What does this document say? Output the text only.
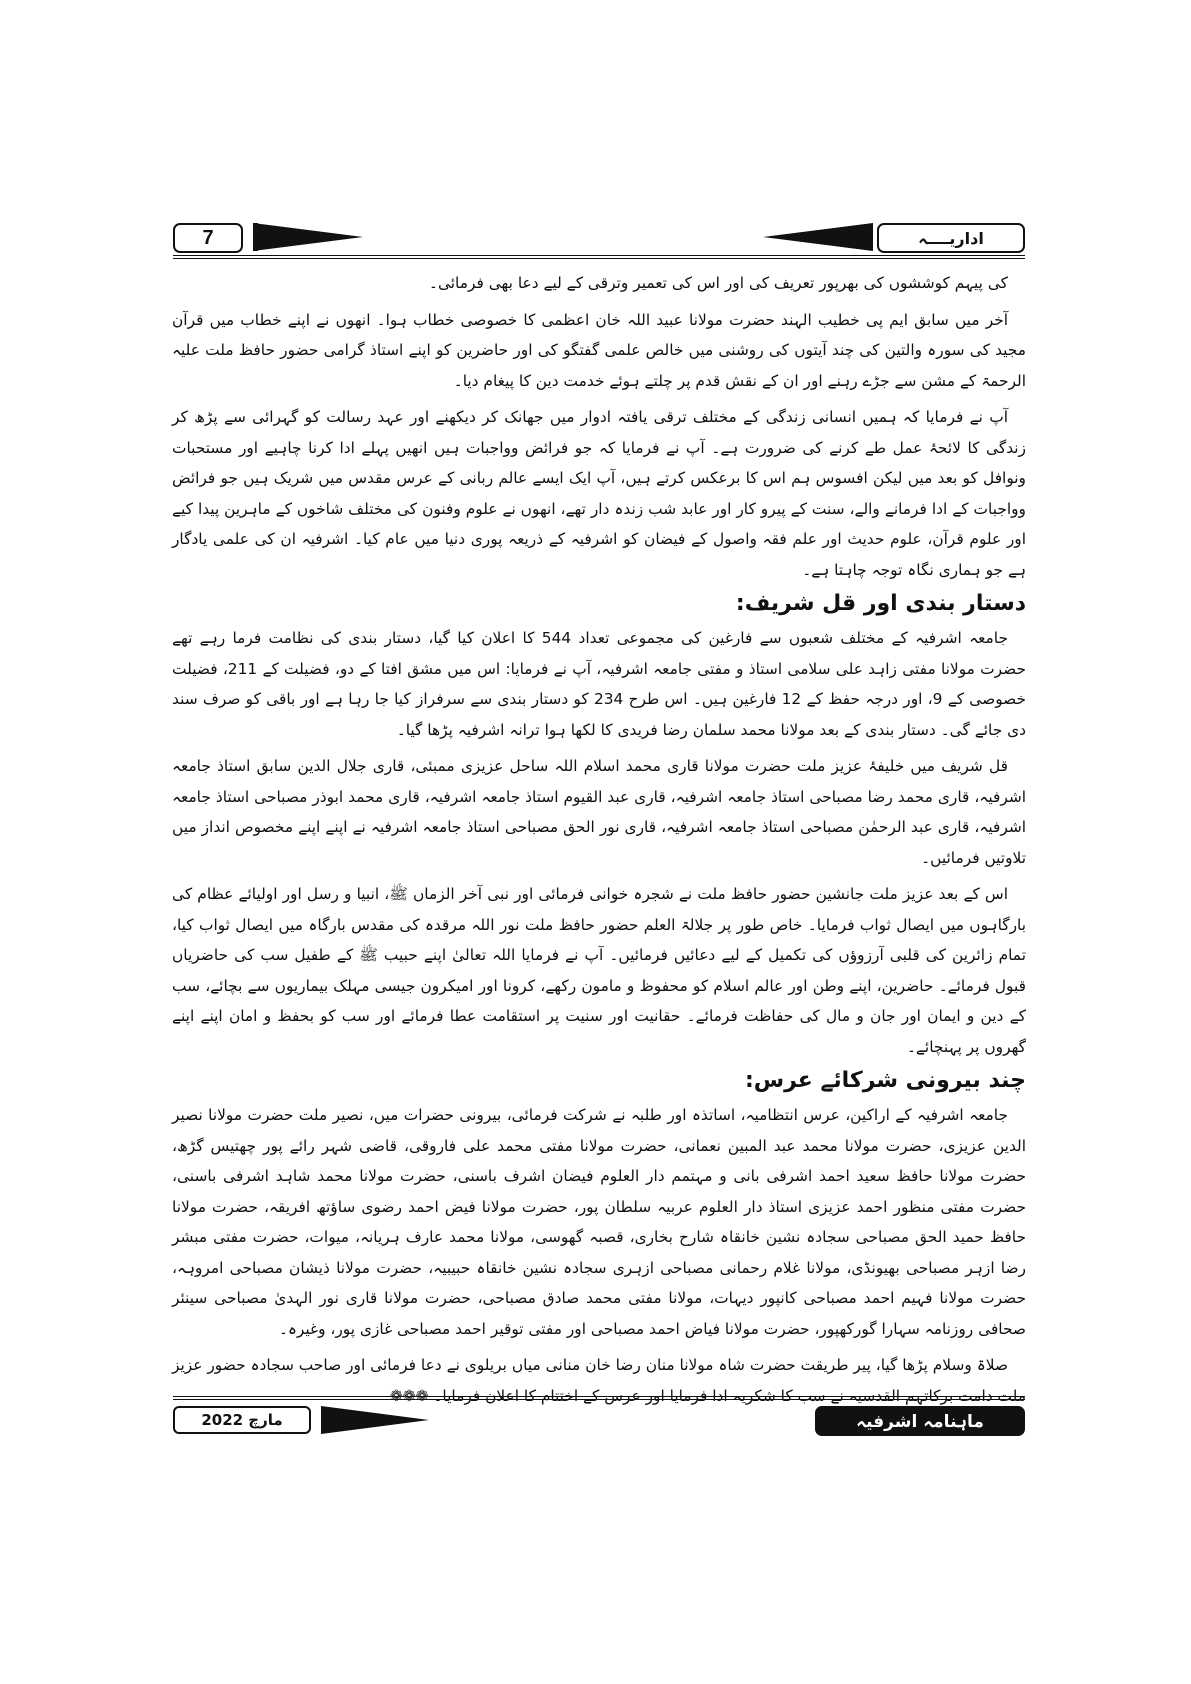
7	اداریــــہ

کی پیہم کوششوں کی بھرپور تعریف کی اور اس کی تعمیر وترقی کے لیے دعا بھی فرمائی۔

آخر میں سابق ایم پی خطیب الہند حضرت مولانا عبید اللہ خان اعظمی کا خصوصی خطاب ہوا۔ انھوں نے اپنے خطاب میں قرآن مجید کی سورہ والتین کی چند آیتوں کی روشنی میں خالص علمی گفتگو کی اور حاضرین کو اپنے استاذ گرامی حضور حافظ ملت علیہ الرحمۃ کے مشن سے جڑے رہنے اور ان کے نقش قدم پر چلتے ہوئے خدمت دین کا پیغام دیا۔

آپ نے فرمایا کہ ہمیں انسانی زندگی کے مختلف ترقی یافتہ ادوار میں جھانک کر دیکھنے اور عہد رسالت کو گہرائی سے پڑھ کر زندگی کا لائحۂ عمل طے کرنے کی ضرورت ہے۔ آپ نے فرمایا کہ جو فرائض وواجبات ہیں انھیں پہلے ادا کرنا چاہیے اور مستحبات ونوافل کو بعد میں لیکن افسوس ہم اس کا برعکس کرتے ہیں، آپ ایک ایسے عالم ربانی کے عرس مقدس میں شریک ہیں جو فرائض وواجبات کے ادا فرمانے والے، سنت کے پیرو کار اور عابد شب زندہ دار تھے، انھوں نے علوم وفنون کی مختلف شاخوں کے ماہرین پیدا کیے اور علوم قرآن، علوم حدیث اور علم فقہ واصول کے فیضان کو اشرفیہ کے ذریعہ پوری دنیا میں عام کیا۔ اشرفیہ ان کی علمی یادگار ہے جو ہماری نگاہ توجہ چاہتا ہے۔

دستار بندی اور قل شریف:

جامعہ اشرفیہ کے مختلف شعبوں سے فارغین کی مجموعی تعداد 544 کا اعلان کیا گیا، دستار بندی کی نظامت فرما رہے تھے حضرت مولانا مفتی زاہد علی سلامی استاذ و مفتی جامعہ اشرفیہ، آپ نے فرمایا: اس میں مشق افتا کے دو، فضیلت کے 211، فضیلت خصوصی کے 9، اور درجہ حفظ کے 12 فارغین ہیں۔ اس طرح 234 کو دستار بندی سے سرفراز کیا جا رہا ہے اور باقی کو صرف سند دی جائے گی۔ دستار بندی کے بعد مولانا محمد سلمان رضا فریدی کا لکھا ہوا ترانہ اشرفیہ پڑھا گیا۔

قل شریف میں خلیفۂ عزیز ملت حضرت مولانا قاری محمد اسلام اللہ ساحل عزیزی ممبئی، قاری جلال الدین سابق استاذ جامعہ اشرفیہ، قاری محمد رضا مصباحی استاذ جامعہ اشرفیہ، قاری عبد القیوم استاذ جامعہ اشرفیہ، قاری محمد ابوذر مصباحی استاذ جامعہ اشرفیہ، قاری عبد الرحمٰن مصباحی استاذ جامعہ اشرفیہ، قاری نور الحق مصباحی استاذ جامعہ اشرفیہ نے اپنے اپنے مخصوص انداز میں تلاوتیں فرمائیں۔

اس کے بعد عزیز ملت جانشین حضور حافظ ملت نے شجرہ خوانی فرمائی اور نبی آخر الزماں ﷺ، انبیا و رسل اور اولیائے عظام کی بارگاہوں میں ایصال ثواب فرمایا۔ خاص طور پر جلالۃ العلم حضور حافظ ملت نور اللہ مرقدہ کی مقدس بارگاہ میں ایصال ثواب کیا، تمام زائرین کی قلبی آرزوؤں کی تکمیل کے لیے دعائیں فرمائیں۔ آپ نے فرمایا اللہ تعالیٰ اپنے حبیب ﷺ کے طفیل سب کی حاضریاں قبول فرمائے۔ حاضرین، اپنے وطن اور عالم اسلام کو محفوظ و مامون رکھے، کرونا اور امیکرون جیسی مہلک بیماریوں سے بچائے، سب کے دین و ایمان اور جان و مال کی حفاظت فرمائے۔ حقانیت اور سنیت پر استقامت عطا فرمائے اور سب کو بحفظ و امان اپنے اپنے گھروں پر پہنچائے۔

چند بیرونی شرکائے عرس:

جامعہ اشرفیہ کے اراکین، عرس انتظامیہ، اساتذہ اور طلبہ نے شرکت فرمائی، بیرونی حضرات میں، نصیر ملت حضرت مولانا نصیر الدین عزیزی، حضرت مولانا محمد عبد المبین نعمانی، حضرت مولانا مفتی محمد علی فاروقی، قاضی شہر رائے پور چھتیس گڑھ، حضرت مولانا حافظ سعید احمد اشرفی بانی و مہتمم دار العلوم فیضان اشرف باسنی، حضرت مولانا محمد شاہد اشرفی باسنی، حضرت مفتی منظور احمد عزیزی استاذ دار العلوم عربیہ سلطان پور، حضرت مولانا فیض احمد رضوی ساؤتھ افریقہ، حضرت مولانا حافظ حمید الحق مصباحی سجادہ نشین خانقاہ شارح بخاری، قصبہ گھوسی، مولانا محمد عارف ہریانہ، میوات، حضرت مفتی مبشر رضا ازہر مصباحی بھیونڈی، مولانا غلام رحمانی مصباحی ازہری سجادہ نشین خانقاہ حبیبیہ، حضرت مولانا ذیشان مصباحی امروہہ، حضرت مولانا فہیم احمد مصباحی کانپور دیہات، مولانا مفتی محمد صادق مصباحی، حضرت مولانا قاری نور الہدیٰ مصباحی سینئر صحافی روزنامہ سہارا گورکھپور، حضرت مولانا فیاض احمد مصباحی اور مفتی توقیر احمد مصباحی غازی پور، وغیرہ۔

صلاۃ وسلام پڑھا گیا، پیر طریقت حضرت شاہ مولانا منان رضا خان منانی میاں بریلوی نے دعا فرمائی اور صاحب سجادہ حضور عزیز ملت دامت برکاتہم القدسیہ نے سب کا شکریہ ادا فرمایا اور عرس کے اختتام کا اعلان فرمایا۔ ❁❁❁

مارچ 2022	ماہنامہ اشرفیہ
